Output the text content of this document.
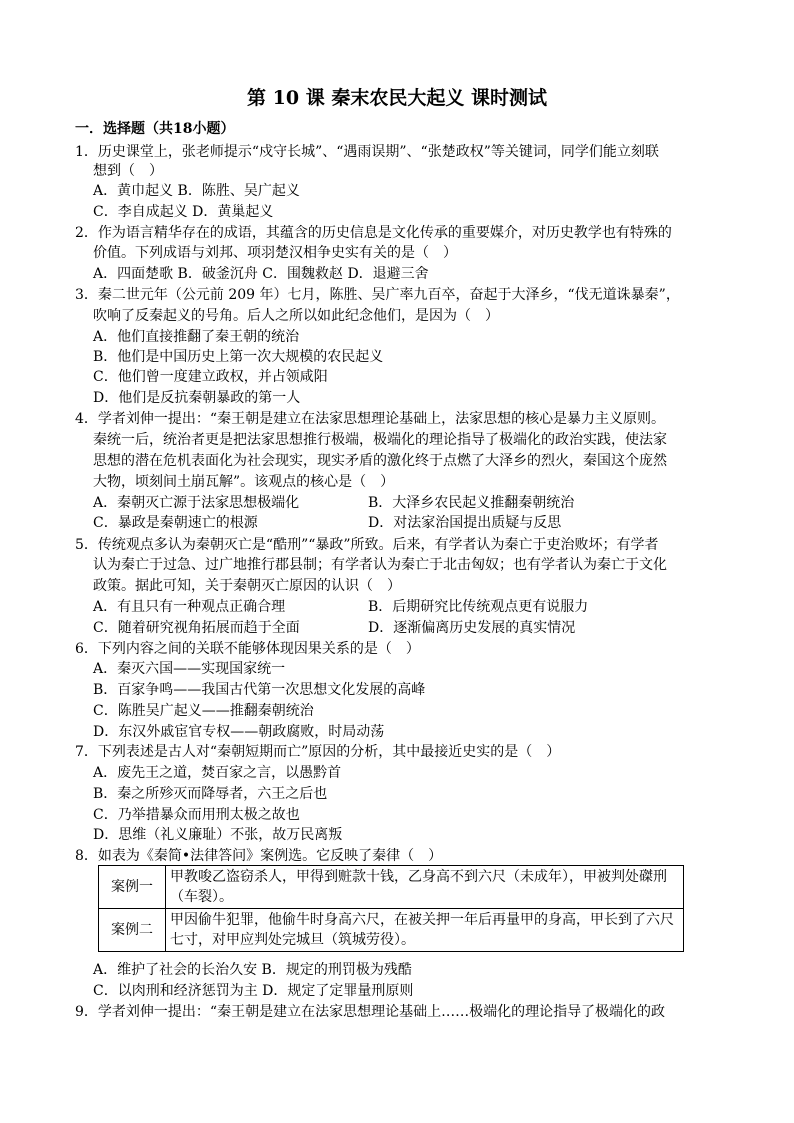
第 10 课 秦末农民大起义 课时测试
一．选择题（共18小题）
1．历史课堂上，张老师提示“戍守长城”、“遇雨误期”、“张楚政权”等关键词，同学们能立刻联
想到（　）
A．黄巾起义 B．陈胜、吴广起义
C．李自成起义 D．黄巢起义
2．作为语言精华存在的成语，其蕴含的历史信息是文化传承的重要媒介，对历史教学也有特殊的
价值。下列成语与刘邦、项羽楚汉相争史实有关的是（　）
A．四面楚歌 B．破釜沉舟 C．围魏救赵 D．退避三舍
3．秦二世元年（公元前 209 年）七月，陈胜、吴广率九百卒，奋起于大泽乡，“伐无道诛暴秦”，
吹响了反秦起义的号角。后人之所以如此纪念他们，是因为（　）
A．他们直接推翻了秦王朝的统治
B．他们是中国历史上第一次大规模的农民起义
C．他们曾一度建立政权，并占领咸阳
D．他们是反抗秦朝暴政的第一人
4．学者刘伸一提出：“秦王朝是建立在法家思想理论基础上，法家思想的核心是暴力主义原则。
秦统一后，统治者更是把法家思想推行极端，极端化的理论指导了极端化的政治实践，使法家
思想的潜在危机表面化为社会现实，现实矛盾的激化终于点燃了大泽乡的烈火，秦国这个庞然
大物，顷刻间土崩瓦解”。该观点的核心是（　）
A．秦朝灭亡源于法家思想极端化	B．大泽乡农民起义推翻秦朝统治
C．暴政是秦朝速亡的根源	D．对法家治国提出质疑与反思
5．传统观点多认为秦朝灭亡是“酷刑”“暴政”所致。后来，有学者认为秦亡于吏治败坏；有学者
认为秦亡于过急、过广地推行郡县制；有学者认为秦亡于北击匈奴；也有学者认为秦亡于文化
政策。据此可知，关于秦朝灭亡原因的认识（　）
A．有且只有一种观点正确合理	B．后期研究比传统观点更有说服力
C．随着研究视角拓展而趋于全面	D．逐渐偏离历史发展的真实情况
6．下列内容之间的关联不能够体现因果关系的是（　）
A．秦灭六国——实现国家统一
B．百家争鸣——我国古代第一次思想文化发展的高峰
C．陈胜吴广起义——推翻秦朝统治
D．东汉外戚宦官专权——朝政腐败，时局动荡
7．下列表述是古人对“秦朝短期而亡”原因的分析，其中最接近史实的是（　）
A．废先王之道，焚百家之言，以愚黔首
B．秦之所殄灭而降辱者，六王之后也
C．乃举措暴众而用刑太极之故也
D．思维（礼义廉耻）不张，故万民离叛
8．如表为《秦简•法律答问》案例选。它反映了秦律（　）
案例一	甲教唆乙盗窃杀人，甲得到赃款十钱，乙身高不到六尺（未成年），甲被判处磔刑
（车裂）。

案例二	甲因偷牛犯罪，他偷牛时身高六尺，在被关押一年后再量甲的身高，甲长到了六尺
七寸，对甲应判处完城旦（筑城劳役）。
A．维护了社会的长治久安 B．规定的刑罚极为残酷
C．以肉刑和经济惩罚为主 D．规定了定罪量刑原则
9．学者刘伸一提出：“秦王朝是建立在法家思想理论基础上……极端化的理论指导了极端化的政
